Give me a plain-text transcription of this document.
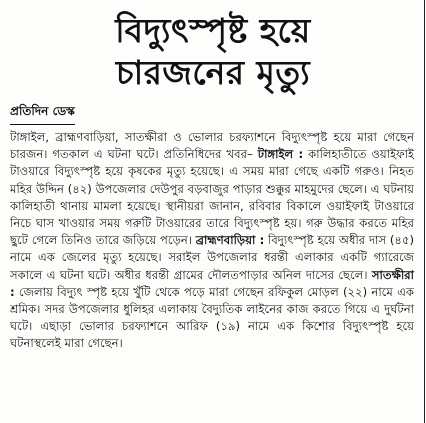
বিদ্যুৎস্পৃষ্ট হয়ে
চারজনের মৃত্যু
প্রতিদিন ডেস্ক

টাঙ্গাইল, ব্রাহ্মণবাড়িয়া, সাতক্ষীরা ও ভোলার চরফ্যাশনে বিদ্যুৎস্পৃষ্ট হয়ে মারা গেছেন চারজন। গতকাল এ ঘটনা ঘটে। প্রতিনিধিদের খবর– টাঙ্গাইল : কালিহাতীতে ওয়াইফাই টাওয়ারে বিদ্যুৎস্পৃষ্ট হয়ে কৃষকের মৃত্যু হয়েছে। এ সময় মারা গেছে একটি গরুও। নিহত মহির উদ্দিন (৪২) উপজেলার দেউপুর বড়বাজুর পাড়ার শুক্কুর মাহমুদের ছেলে। এ ঘটনায় কালিহাতী থানায় মামলা হয়েছে। স্থানীয়রা জানান, রবিবার বিকালে ওয়াইফাই টাওয়ারে নিচে ঘাস খাওয়ার সময় গরুটি টাওয়ারের তারে বিদ্যুৎস্পৃষ্ট হয়। গরু উদ্ধার করতে মহির ছুটে গেলে তিনিও তারে জড়িয়ে পড়েন। ব্রাহ্মণবাড়িয়া : বিদ্যুৎস্পৃষ্ট হয়ে অধীর দাস (৪৫) নামে এক জেলের মৃত্যু হয়েছে। সরাইল উপজেলার ধরন্তী এলাকার একটি গ্যারেজে সকালে এ ঘটনা ঘটে। অধীর ধরন্তী গ্রামের দৌলতপাড়ার অনিল দাসের ছেলে। সাতক্ষীরা : জেলায় বিদ্যুৎ স্পৃষ্ট হয়ে খুঁটি থেকে পড়ে মারা গেছেন রফিকুল মোড়ল (২২) নামে এক শ্রমিক। সদর উপজেলার ধুলিহর এলাকায় বৈদ্যুতিক লাইনের কাজ করতে গিয়ে এ দুর্ঘটনা ঘটে। এছাড়া ভোলার চরফ্যাশনে আরিফ (১৯) নামে এক কিশোর বিদ্যুৎস্পৃষ্ট হয়ে ঘটনাস্থলেই মারা গেছেন।
